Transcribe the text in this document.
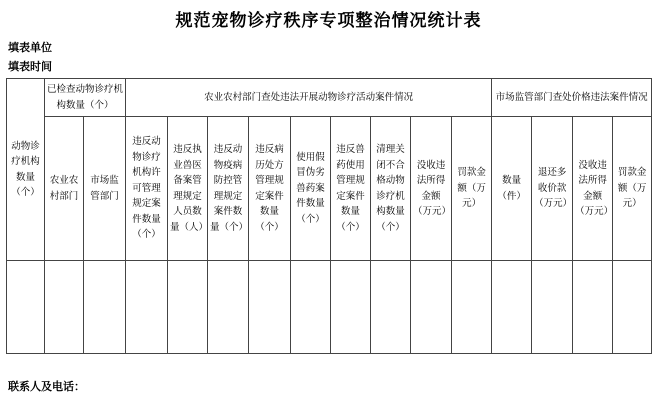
规范宠物诊疗秩序专项整治情况统计表
填表单位
填表时间
动物诊疗机构数量（个）	已检查动物诊疗机构数量（个）		农业农村部门查处违法开展动物诊疗活动案件情况									市场监管部门查处价格违法案件情况			
	农业农村部门	市场监管部门	违反动物诊疗机构许可管理规定案件数量（个）	违反执业兽医备案管理规定人员数量（人）	违反动物疫病防控管理规定案件数量（个）	违反病历处方管理规定案件数量（个）	使用假冒伪劣兽药案件数量（个）	违反兽药使用管理规定案件数量（个）	清理关闭不合格动物诊疗机构数量（个）	没收违法所得金额（万元）	罚款金额（万元）	数量（件）	退还多收价款（万元）	没收违法所得金额（万元）	罚款金额（万元）

联系人及电话：
